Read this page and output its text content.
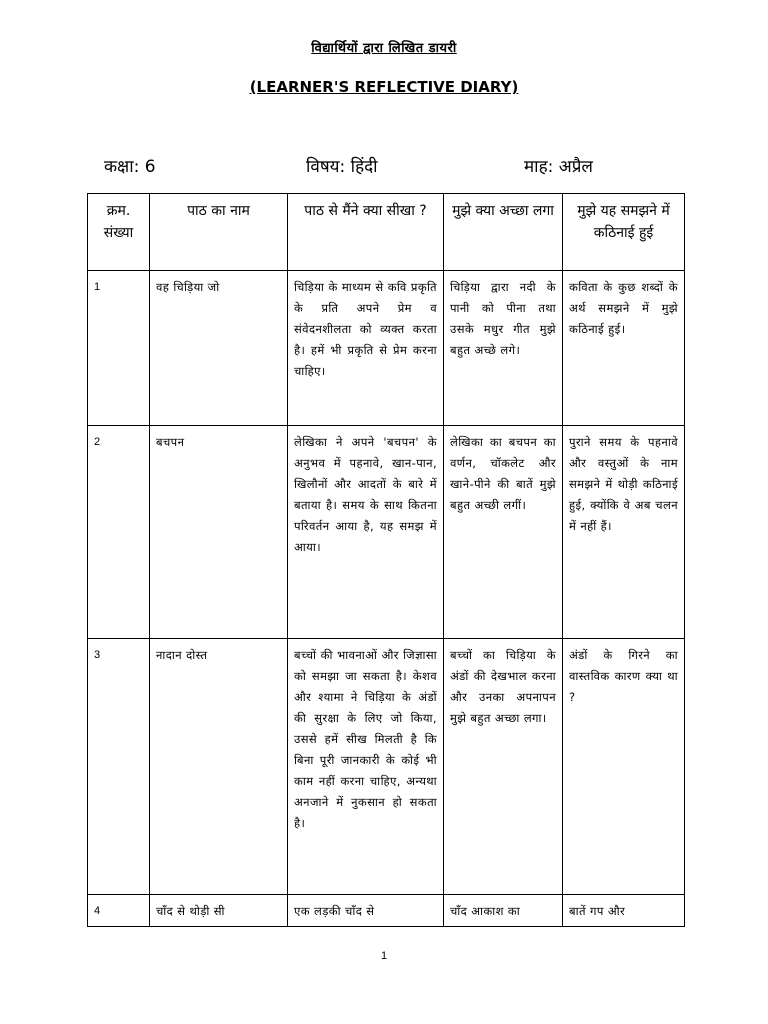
विद्यार्थियों द्वारा लिखित डायरी
(LEARNER'S REFLECTIVE DIARY)
कक्षा: 6	विषय: हिंदी	माह: अप्रैल
क्रम. संख्या	पाठ का नाम	पाठ से मैंने क्या सीखा ?	मुझे क्या अच्छा लगा	मुझे यह समझने में कठिनाई हुई
1	वह चिड़िया जो	चिड़िया के माध्यम से कवि प्रकृति के प्रति अपने प्रेम व संवेदनशीलता को व्यक्त करता है। हमें भी प्रकृति से प्रेम करना चाहिए।	चिड़िया द्वारा नदी के पानी को पीना तथा उसके मधुर गीत मुझे बहुत अच्छे लगे।	कविता के कुछ शब्दों के अर्थ समझने में मुझे कठिनाई हुई।
2	बचपन	लेखिका ने अपने 'बचपन' के अनुभव में पहनावे, खान-पान, खिलौनों और आदतों के बारे में बताया है। समय के साथ कितना परिवर्तन आया है, यह समझ में आया।	लेखिका का बचपन का वर्णन, चॉकलेट और खाने-पीने की बातें मुझे बहुत अच्छी लगीं।	पुराने समय के पहनावे और वस्तुओं के नाम समझने में थोड़ी कठिनाई हुई, क्योंकि वे अब चलन में नहीं हैं।
3	नादान दोस्त	बच्चों की भावनाओं और जिज्ञासा को समझा जा सकता है। केशव और श्यामा ने चिड़िया के अंडों की सुरक्षा के लिए जो किया, उससे हमें सीख मिलती है कि बिना पूरी जानकारी के कोई भी काम नहीं करना चाहिए, अन्यथा अनजाने में नुकसान हो सकता है।	बच्चों का चिड़िया के अंडों की देखभाल करना और उनका अपनापन मुझे बहुत अच्छा लगा।	अंडों के गिरने का वास्तविक कारण क्या था ?
4	चाँद से थोड़ी सी	एक लड़की चाँद से	चाँद आकाश का	बातें गप और
1
